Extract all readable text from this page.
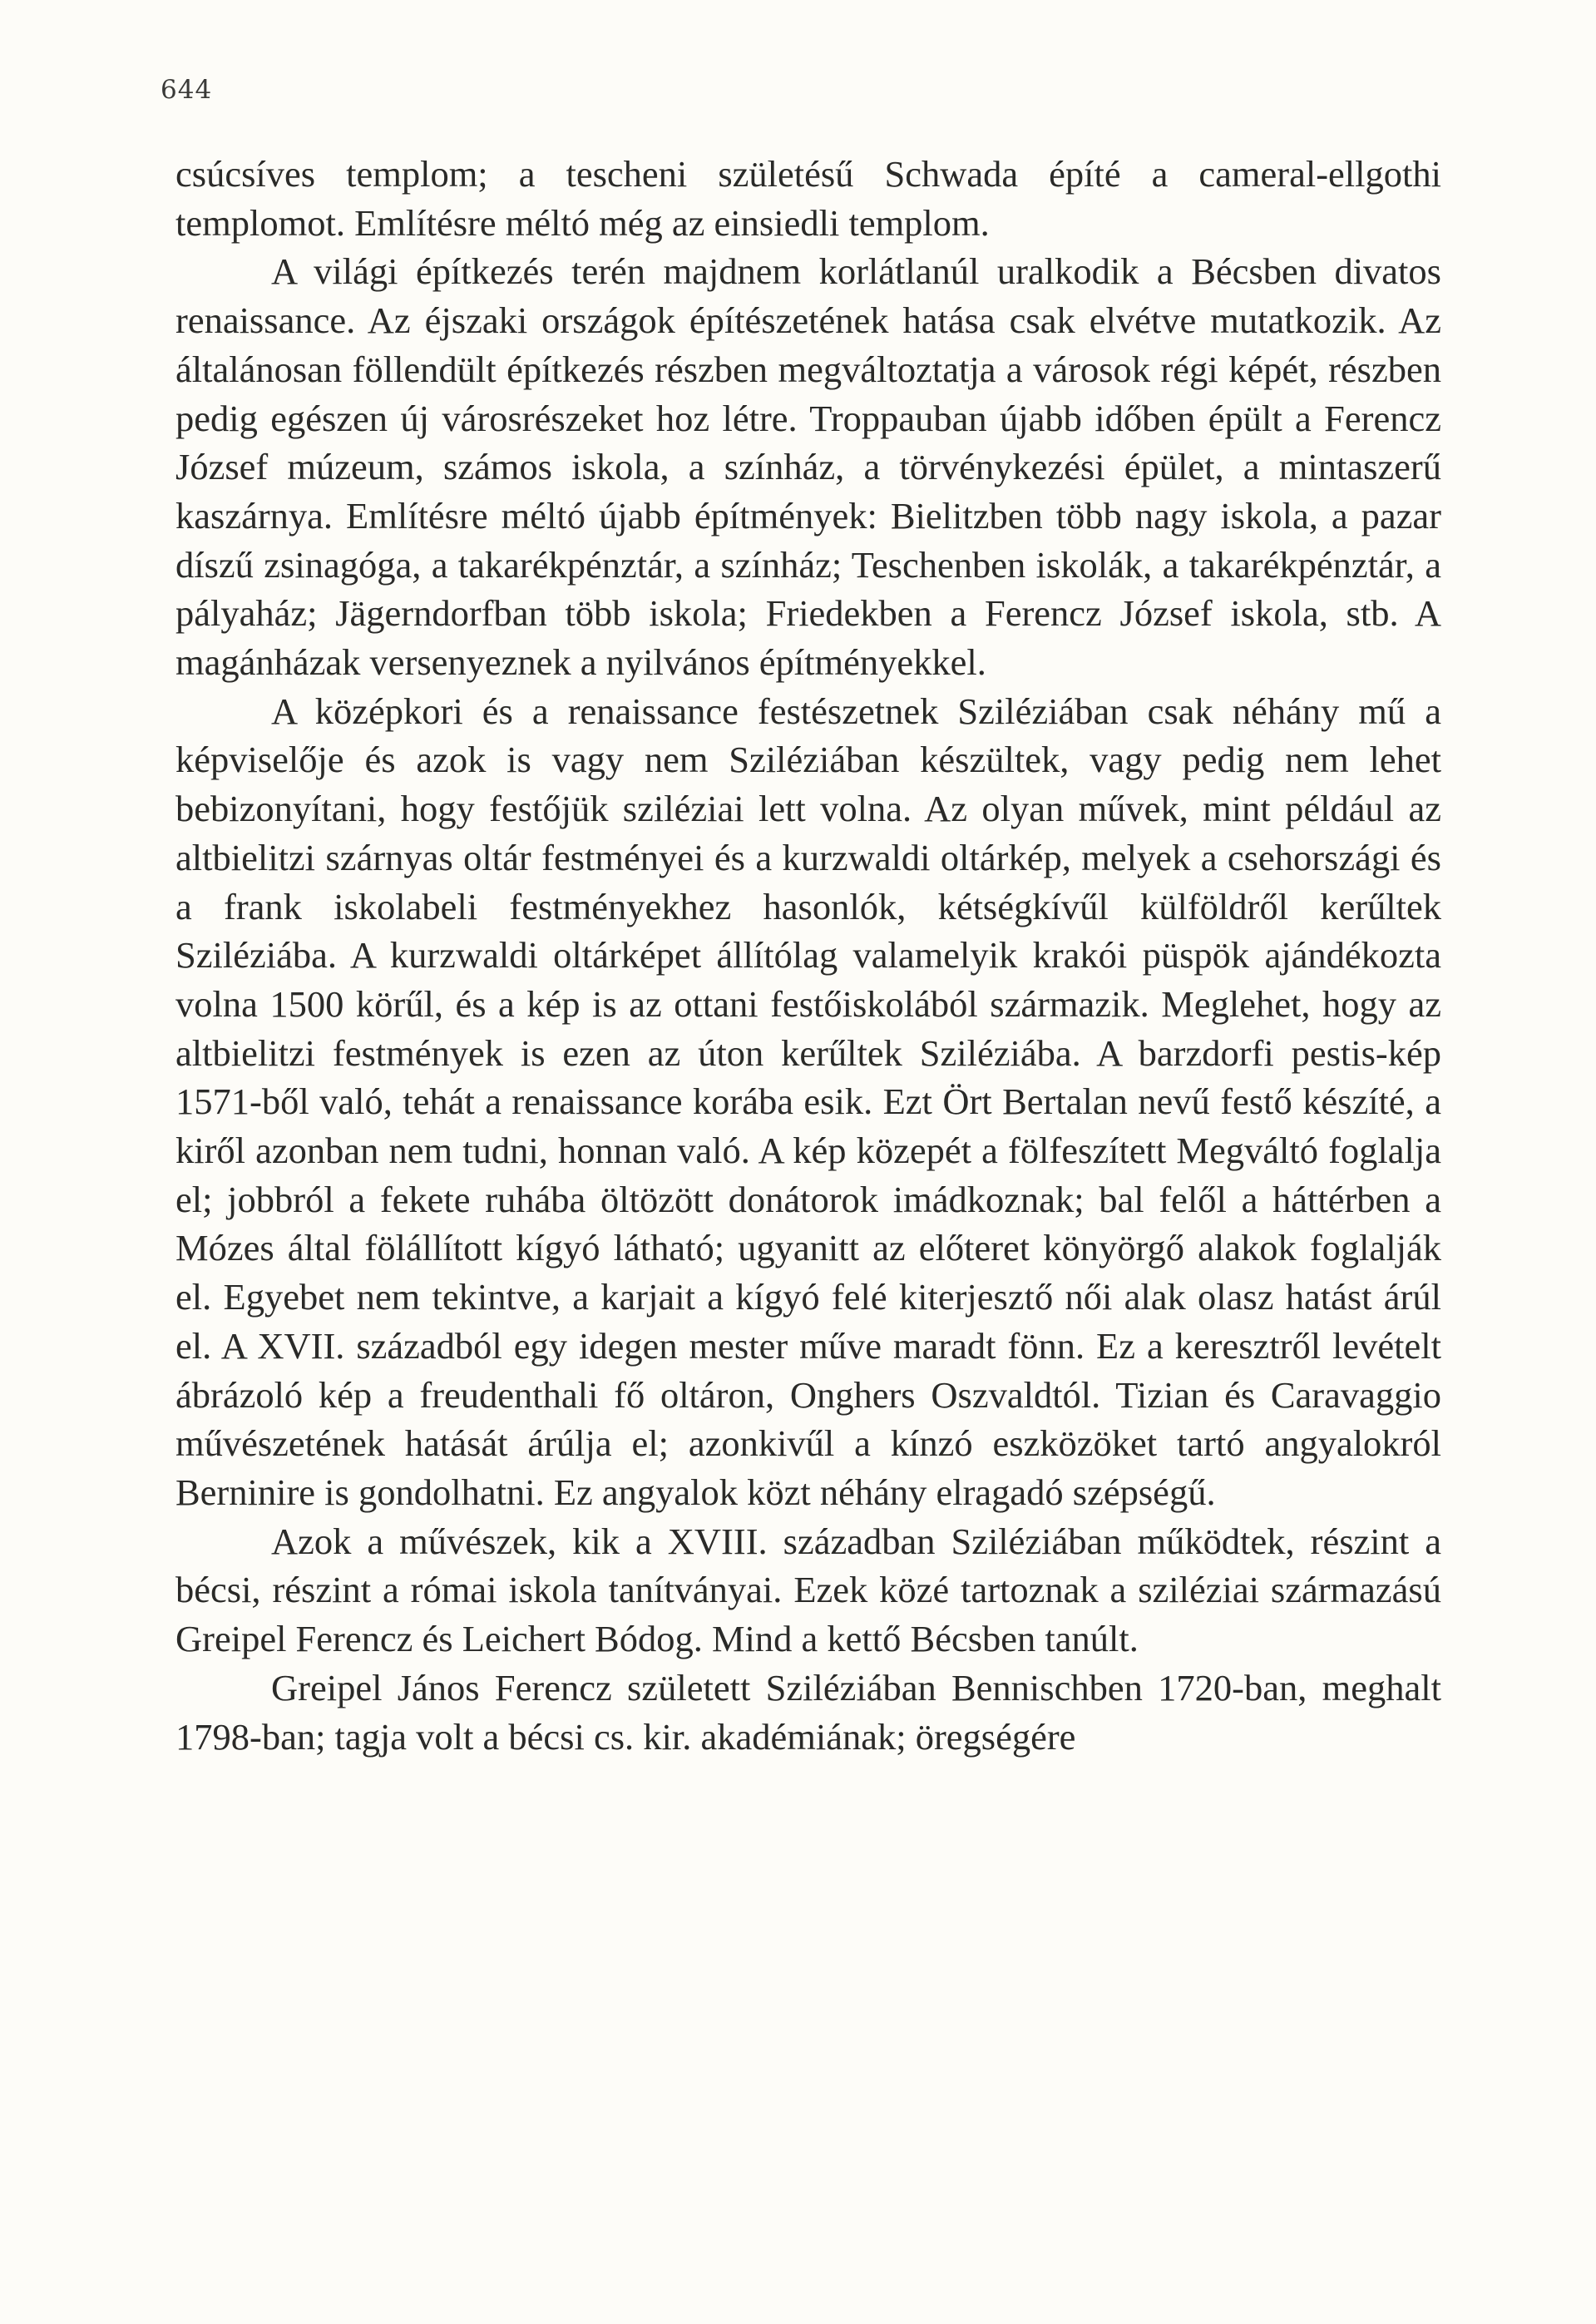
644

csúcsíves templom; a tescheni születésű Schwada építé a cameral-ellgothi templomot. Említésre méltó még az einsiedli templom.

A világi építkezés terén majdnem korlátlanúl uralkodik a Bécsben divatos renaissance. Az éjszaki országok építészetének hatása csak elvétve mutatkozik. Az általánosan föllendült építkezés részben megváltoztatja a városok régi képét, részben pedig egészen új városrészeket hoz létre. Troppauban újabb időben épült a Ferencz József múzeum, számos iskola, a színház, a törvénykezési épület, a mintaszerű kaszárnya. Említésre méltó újabb építmények: Bielitzben több nagy iskola, a pazar díszű zsinagóga, a takarékpénztár, a színház; Teschenben iskolák, a takarékpénztár, a pályaház; Jägerndorfban több iskola; Friedekben a Ferencz József iskola, stb. A magánházak versenyeznek a nyilvános építményekkel.

A középkori és a renaissance festészetnek Sziléziában csak néhány mű a képviselője és azok is vagy nem Sziléziában készültek, vagy pedig nem lehet bebizonyítani, hogy festőjük sziléziai lett volna. Az olyan művek, mint például az altbielitzi szárnyas oltár festményei és a kurzwaldi oltárkép, melyek a csehországi és a frank iskolabeli festményekhez hasonlók, kétségkívűl külföldről kerűltek Sziléziába. A kurzwaldi oltárképet állítólag valamelyik krakói püspök ajándékozta volna 1500 körűl, és a kép is az ottani festőiskolából származik. Meglehet, hogy az altbielitzi festmények is ezen az úton kerűltek Sziléziába. A barzdorfi pestis-kép 1571-ből való, tehát a renaissance korába esik. Ezt Ört Bertalan nevű festő készíté, a kiről azonban nem tudni, honnan való. A kép közepét a fölfeszített Megváltó foglalja el; jobbról a fekete ruhába öltözött donátorok imádkoznak; bal felől a háttérben a Mózes által fölállított kígyó látható; ugyanitt az előteret könyörgő alakok foglalják el. Egyebet nem tekintve, a karjait a kígyó felé kiterjesztő női alak olasz hatást árúl el. A XVII. századból egy idegen mester műve maradt fönn. Ez a keresztről levételt ábrázoló kép a freudenthali fő oltáron, Onghers Oszvaldtól. Tizian és Caravaggio művészetének hatását árúlja el; azonkivűl a kínzó eszközöket tartó angyalokról Berninire is gondolhatni. Ez angyalok közt néhány elragadó szépségű.

Azok a művészek, kik a XVIII. században Sziléziában működtek, részint a bécsi, részint a római iskola tanítványai. Ezek közé tartoznak a sziléziai származású Greipel Ferencz és Leichert Bódog. Mind a kettő Bécsben tanúlt.

Greipel János Ferencz született Sziléziában Bennischben 1720-ban, meghalt 1798-ban; tagja volt a bécsi cs. kir. akadémiának; öregségére
